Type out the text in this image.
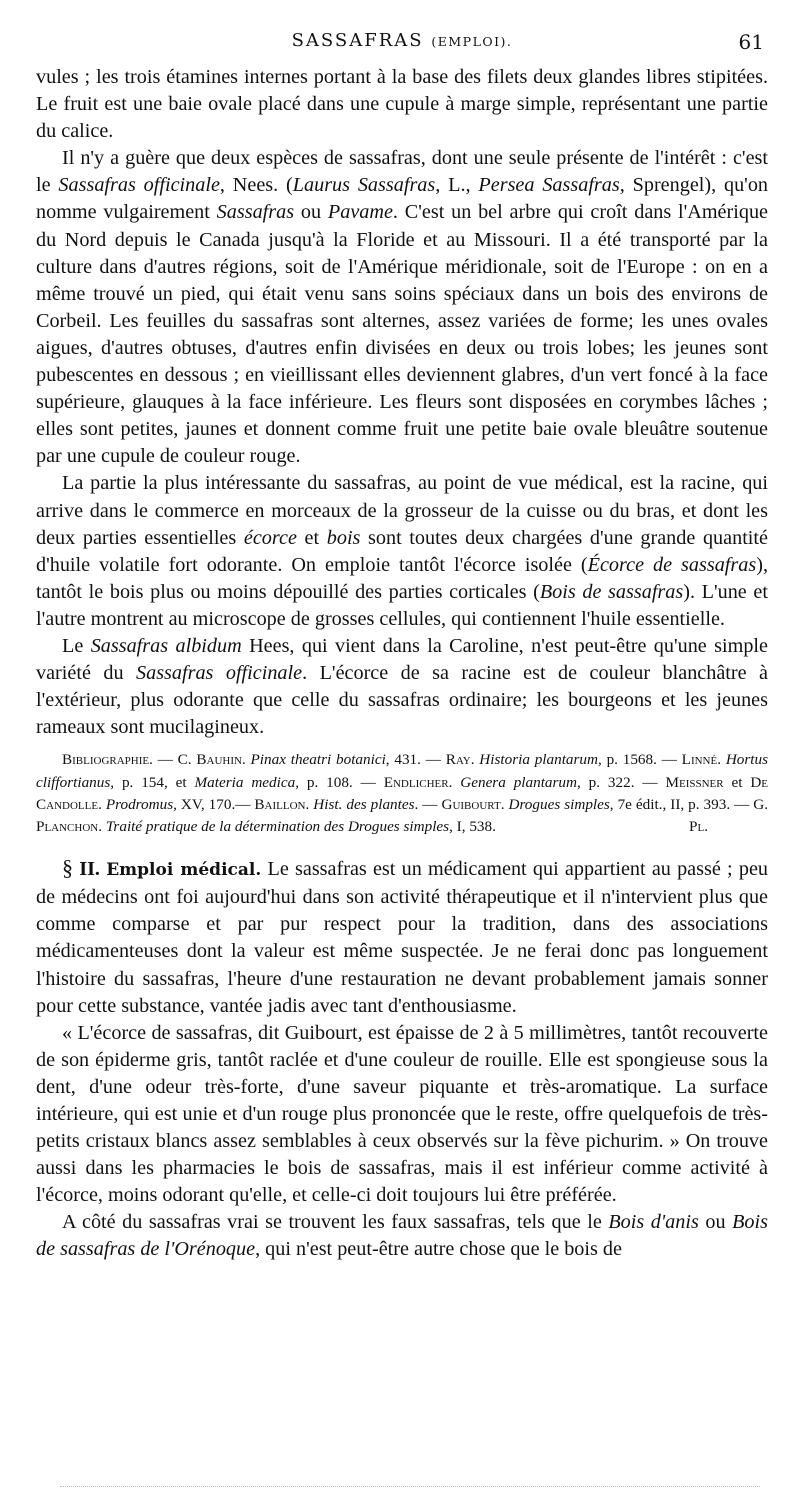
SASSAFRAS (EMPLOI).	61

vules ; les trois étamines internes portant à la base des filets deux glandes libres stipitées. Le fruit est une baie ovale placé dans une cupule à marge simple, représentant une partie du calice.

Il n'y a guère que deux espèces de sassafras, dont une seule présente de l'intérêt : c'est le Sassafras officinale, Nees. (Laurus Sassafras, L., Persea Sassafras, Sprengel), qu'on nomme vulgairement Sassafras ou Pavame. C'est un bel arbre qui croît dans l'Amérique du Nord depuis le Canada jusqu'à la Floride et au Missouri. Il a été transporté par la culture dans d'autres régions, soit de l'Amérique méridionale, soit de l'Europe : on en a même trouvé un pied, qui était venu sans soins spéciaux dans un bois des environs de Corbeil. Les feuilles du sassafras sont alternes, assez variées de forme; les unes ovales aigues, d'autres obtuses, d'autres enfin divisées en deux ou trois lobes; les jeunes sont pubescentes en dessous ; en vieillissant elles deviennent glabres, d'un vert foncé à la face supérieure, glauques à la face inférieure. Les fleurs sont disposées en corymbes lâches ; elles sont petites, jaunes et donnent comme fruit une petite baie ovale bleuâtre soutenue par une cupule de couleur rouge.

La partie la plus intéressante du sassafras, au point de vue médical, est la racine, qui arrive dans le commerce en morceaux de la grosseur de la cuisse ou du bras, et dont les deux parties essentielles écorce et bois sont toutes deux chargées d'une grande quantité d'huile volatile fort odorante. On emploie tantôt l'écorce isolée (Écorce de sassafras), tantôt le bois plus ou moins dépouillé des parties corticales (Bois de sassafras). L'une et l'autre montrent au microscope de grosses cellules, qui contiennent l'huile essentielle.

Le Sassafras albidum Hees, qui vient dans la Caroline, n'est peut-être qu'une simple variété du Sassafras officinale. L'écorce de sa racine est de couleur blanchâtre à l'extérieur, plus odorante que celle du sassafras ordinaire; les bourgeons et les jeunes rameaux sont mucilagineux.

Bibliographie. — C. Bauhin. Pinax theatri botanici, 431. — Ray. Historia plantarum, p. 1568. — Linné. Hortus cliffortianus, p. 154, et Materia medica, p. 108. — Endlicher. Genera plantarum, p. 322. — Meissner et De Candolle. Prodromus, XV, 170.— Baillon. Hist. des plantes. — Guibourt. Drogues simples, 7e édit., II, p. 393. — G. Planchon. Traité pratique de la détermination des Drogues simples, I, 538.	Pl.

§ II. Emploi médical. Le sassafras est un médicament qui appartient au passé ; peu de médecins ont foi aujourd'hui dans son activité thérapeutique et il n'intervient plus que comme comparse et par pur respect pour la tradition, dans des associations médicamenteuses dont la valeur est même suspectée. Je ne ferai donc pas longuement l'histoire du sassafras, l'heure d'une restauration ne devant probablement jamais sonner pour cette substance, vantée jadis avec tant d'enthousiasme.

« L'écorce de sassafras, dit Guibourt, est épaisse de 2 à 5 millimètres, tantôt recouverte de son épiderme gris, tantôt raclée et d'une couleur de rouille. Elle est spongieuse sous la dent, d'une odeur très-forte, d'une saveur piquante et très-aromatique. La surface intérieure, qui est unie et d'un rouge plus prononcée que le reste, offre quelquefois de très-petits cristaux blancs assez semblables à ceux observés sur la fève pichurim. » On trouve aussi dans les pharmacies le bois de sassafras, mais il est inférieur comme activité à l'écorce, moins odorant qu'elle, et celle-ci doit toujours lui être préférée.

A côté du sassafras vrai se trouvent les faux sassafras, tels que le Bois d'anis ou Bois de sassafras de l'Orénoque, qui n'est peut-être autre chose que le bois de
